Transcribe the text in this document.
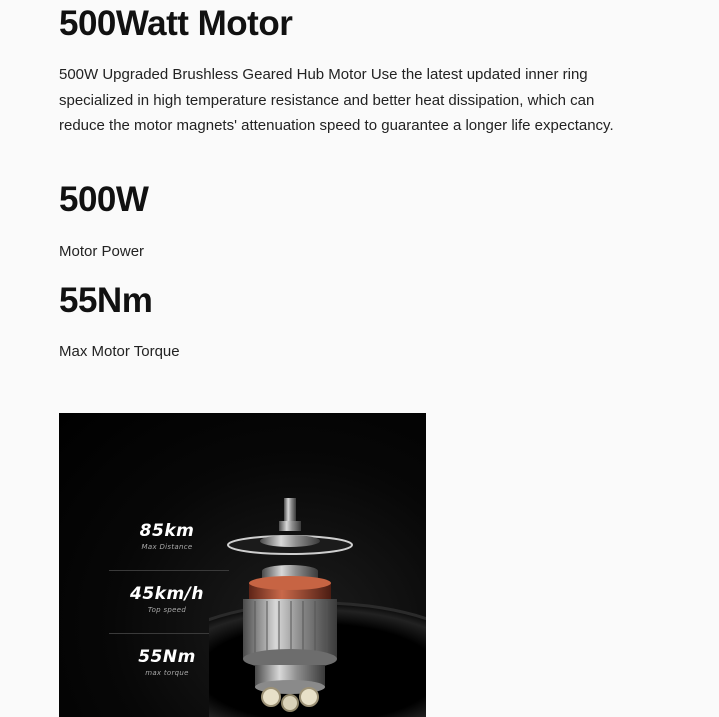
500Watt Motor

500W Upgraded Brushless Geared Hub Motor Use the latest updated inner ring specialized in high temperature resistance and better heat dissipation, which can reduce the motor magnets' attenuation speed to guarantee a longer life expectancy.

500W
Motor Power
55Nm
Max Motor Torque
85km
Max Distance
45km/h
Top speed
55Nm
max torque
